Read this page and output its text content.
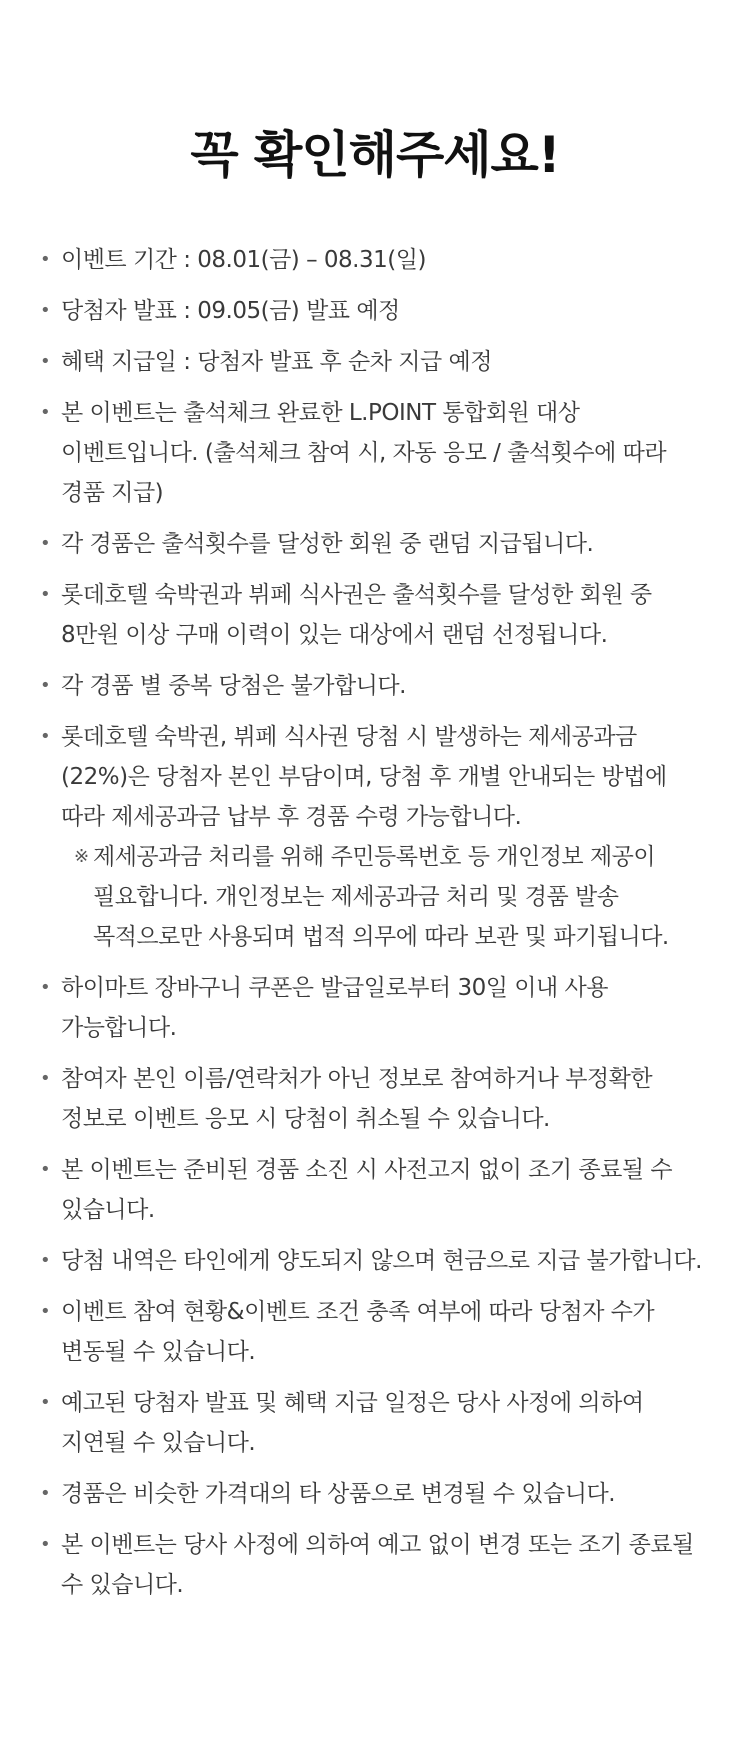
꼭 확인해주세요!
• 이벤트 기간 : 08.01(금) – 08.31(일)
• 당첨자 발표 : 09.05(금) 발표 예정
• 혜택 지급일 : 당첨자 발표 후 순차 지급 예정
• 본 이벤트는 출석체크 완료한 L.POINT 통합회원 대상 이벤트입니다. (출석체크 참여 시, 자동 응모 / 출석횟수에 따라 경품 지급)
• 각 경품은 출석횟수를 달성한 회원 중 랜덤 지급됩니다.
• 롯데호텔 숙박권과 뷔페 식사권은 출석횟수를 달성한 회원 중 8만원 이상 구매 이력이 있는 대상에서 랜덤 선정됩니다.
• 각 경품 별 중복 당첨은 불가합니다.
• 롯데호텔 숙박권, 뷔페 식사권 당첨 시 발생하는 제세공과금 (22%)은 당첨자 본인 부담이며, 당첨 후 개별 안내되는 방법에 따라 제세공과금 납부 후 경품 수령 가능합니다.
※ 제세공과금 처리를 위해 주민등록번호 등 개인정보 제공이 필요합니다. 개인정보는 제세공과금 처리 및 경품 발송 목적으로만 사용되며 법적 의무에 따라 보관 및 파기됩니다.
• 하이마트 장바구니 쿠폰은 발급일로부터 30일 이내 사용 가능합니다.
• 참여자 본인 이름/연락처가 아닌 정보로 참여하거나 부정확한 정보로 이벤트 응모 시 당첨이 취소될 수 있습니다.
• 본 이벤트는 준비된 경품 소진 시 사전고지 없이 조기 종료될 수 있습니다.
• 당첨 내역은 타인에게 양도되지 않으며 현금으로 지급 불가합니다.
• 이벤트 참여 현황&이벤트 조건 충족 여부에 따라 당첨자 수가 변동될 수 있습니다.
• 예고된 당첨자 발표 및 혜택 지급 일정은 당사 사정에 의하여 지연될 수 있습니다.
• 경품은 비슷한 가격대의 타 상품으로 변경될 수 있습니다.
• 본 이벤트는 당사 사정에 의하여 예고 없이 변경 또는 조기 종료될 수 있습니다.
